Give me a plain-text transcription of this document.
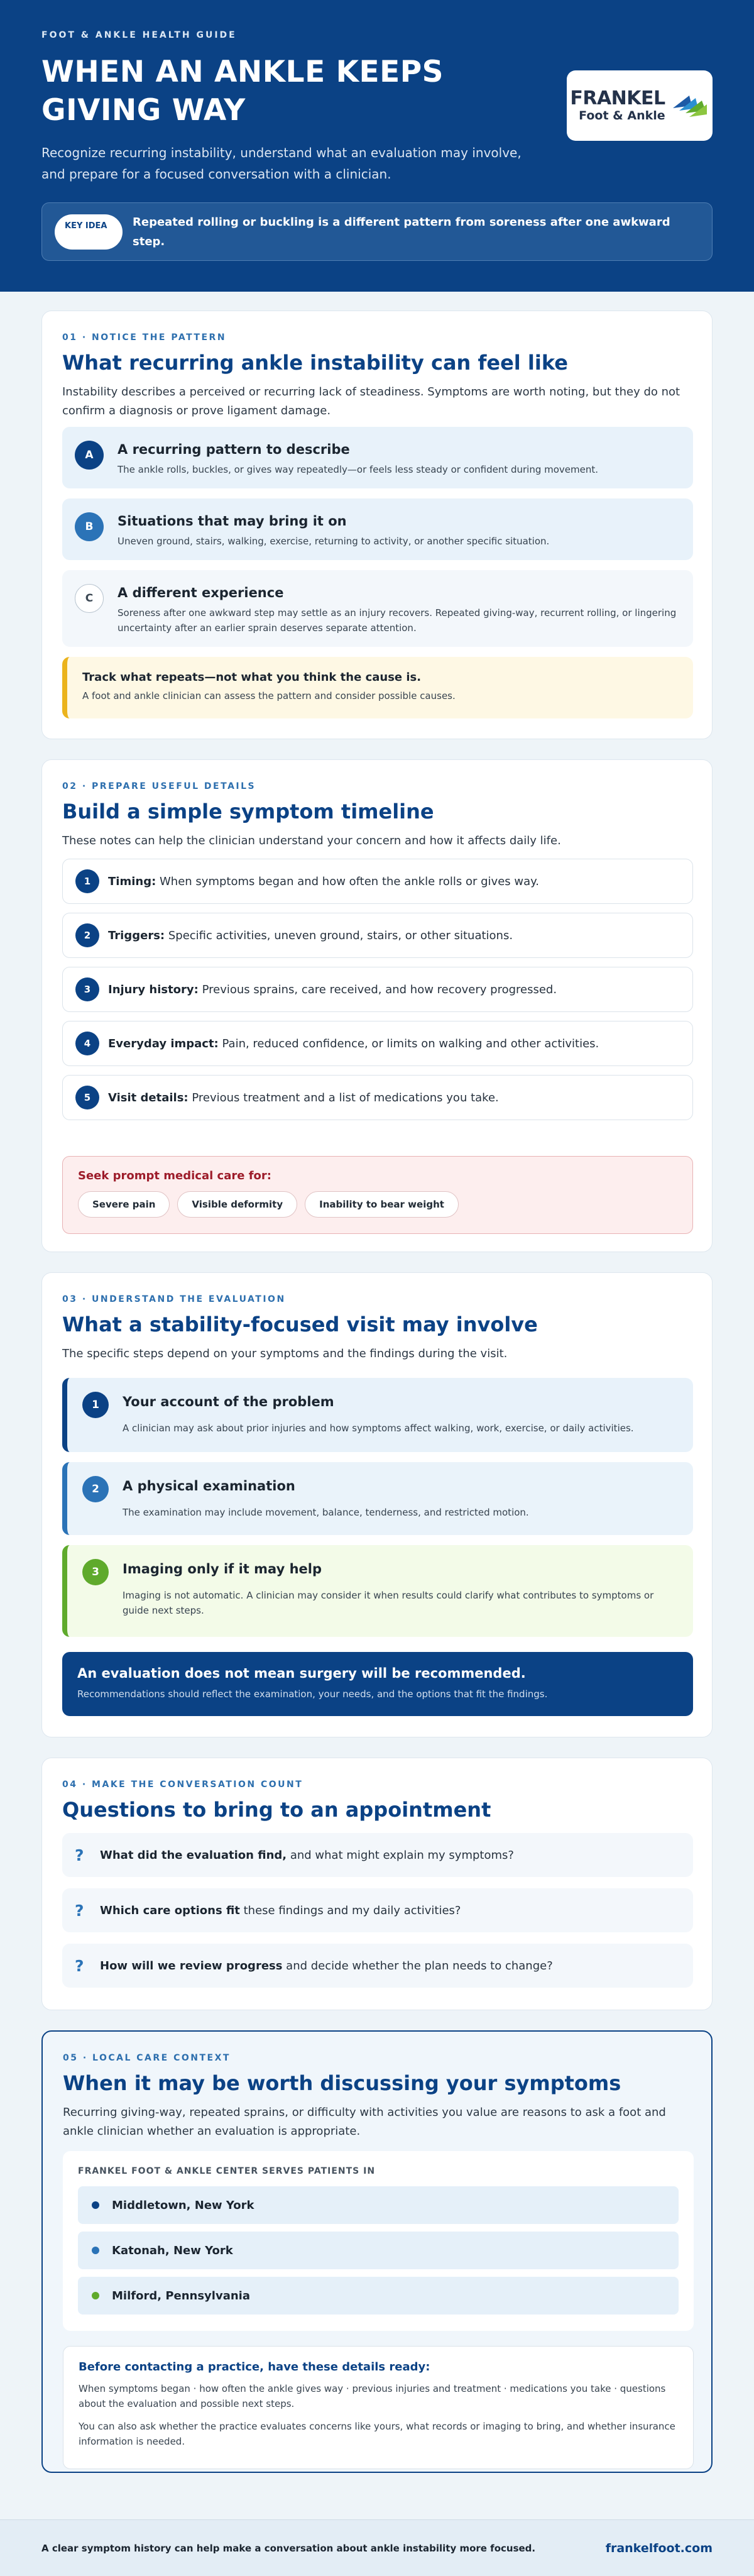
FOOT & ANKLE HEALTH GUIDE
WHEN AN ANKLE KEEPS GIVING WAY

Recognize recurring instability, understand what an evaluation may involve, and prepare for a focused conversation with a clinician.

FRANKEL
Foot & Ankle
KEY IDEA	Repeated rolling or buckling is a different pattern from soreness after one awkward step.
01 · NOTICE THE PATTERN
What recurring ankle instability can feel like

Instability describes a perceived or recurring lack of steadiness. Symptoms are worth noting, but they do not confirm a diagnosis or prove ligament damage.

A	A recurring pattern to describe
The ankle rolls, buckles, or gives way repeatedly—or feels less steady or confident during movement.
B	Situations that may bring it on
Uneven ground, stairs, walking, exercise, returning to activity, or another specific situation.
C	A different experience
Soreness after one awkward step may settle as an injury recovers. Repeated giving-way, recurrent rolling, or lingering uncertainty after an earlier sprain deserves separate attention.
Track what repeats—not what you think the cause is.
A foot and ankle clinician can assess the pattern and consider possible causes.
02 · PREPARE USEFUL DETAILS
Build a simple symptom timeline

These notes can help the clinician understand your concern and how it affects daily life.

1	Timing: When symptoms began and how often the ankle rolls or gives way.
2	Triggers: Specific activities, uneven ground, stairs, or other situations.
3	Injury history: Previous sprains, care received, and how recovery progressed.
4	Everyday impact: Pain, reduced confidence, or limits on walking and other activities.
5	Visit details: Previous treatment and a list of medications you take.
Seek prompt medical care for:
Severe pain	Visible deformity	Inability to bear weight
03 · UNDERSTAND THE EVALUATION
What a stability-focused visit may involve

The specific steps depend on your symptoms and the findings during the visit.

1	Your account of the problem
A clinician may ask about prior injuries and how symptoms affect walking, work, exercise, or daily activities.
2	A physical examination
The examination may include movement, balance, tenderness, and restricted motion.
3	Imaging only if it may help
Imaging is not automatic. A clinician may consider it when results could clarify what contributes to symptoms or guide next steps.
An evaluation does not mean surgery will be recommended.
Recommendations should reflect the examination, your needs, and the options that fit the findings.
04 · MAKE THE CONVERSATION COUNT
Questions to bring to an appointment
?	What did the evaluation find, and what might explain my symptoms?
?	Which care options fit these findings and my daily activities?
?	How will we review progress and decide whether the plan needs to change?
05 · LOCAL CARE CONTEXT
When it may be worth discussing your symptoms

Recurring giving-way, repeated sprains, or difficulty with activities you value are reasons to ask a foot and ankle clinician whether an evaluation is appropriate.

FRANKEL FOOT & ANKLE CENTER SERVES PATIENTS IN
Middletown, New York
Katonah, New York
Milford, Pennsylvania
Before contacting a practice, have these details ready:

When symptoms began · how often the ankle gives way · previous injuries and treatment · medications you take · questions about the evaluation and possible next steps.

You can also ask whether the practice evaluates concerns like yours, what records or imaging to bring, and whether insurance information is needed.

A clear symptom history can help make a conversation about ankle instability more focused.	frankelfoot.com
